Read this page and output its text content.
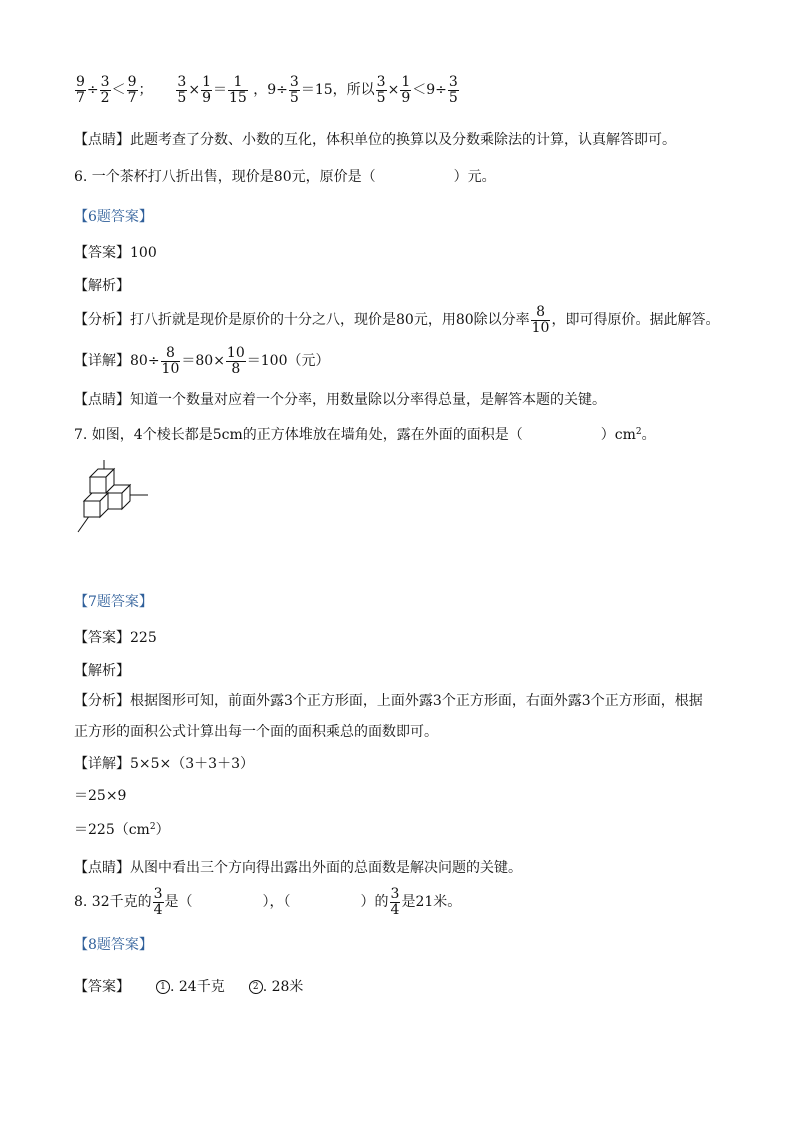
$\frac{9}{7} \div \frac{3}{2} < \frac{9}{7}$ ； $\frac{3}{5} \times \frac{1}{9} = \frac{1}{15}$ ，$9\div \frac{3}{5} =15$，所以 $\frac{3}{5} \times \frac{1}{9} <9\div \frac{3}{5}$
【点睛】此题考查了分数、小数的互化，体积单位的换算以及分数乘除法的计算，认真解答即可。
6. 一个茶杯打八折出售，现价是80元，原价是（	）元。
【6题答案】
【答案】100
【解析】
【分析】打八折就是现价是原价的十分之八，现价是80元，用80除以分率 $\frac{8}{10}$ ，即可得原价。据此解答。
【详解】$80\div \frac{8}{10} =80\times \frac{10}{8} =100$（元）
【点睛】知道一个数量对应着一个分率，用数量除以分率得总量，是解答本题的关键。
7. 如图，4个棱长都是5cm的正方体堆放在墙角处，露在外面的面积是（	）$cm^2$。
【7题答案】
【答案】225
【解析】
【分析】根据图形可知，前面外露3个正方形面，上面外露3个正方形面，右面外露3个正方形面，根据
正方形的面积公式计算出每一个面的面积乘总的面数即可。
【详解】5×5×（3＋3＋3）
＝25×9
$=225(cm^2)$
【点睛】从图中看出三个方向得出露出外面的总面数是解决问题的关键。
8. 32千克的 $\frac{3}{4}$ 是（	），（	）的 $\frac{3}{4}$ 是21米。
【8题答案】
【答案】	1 . 24千克	2 . 28米
